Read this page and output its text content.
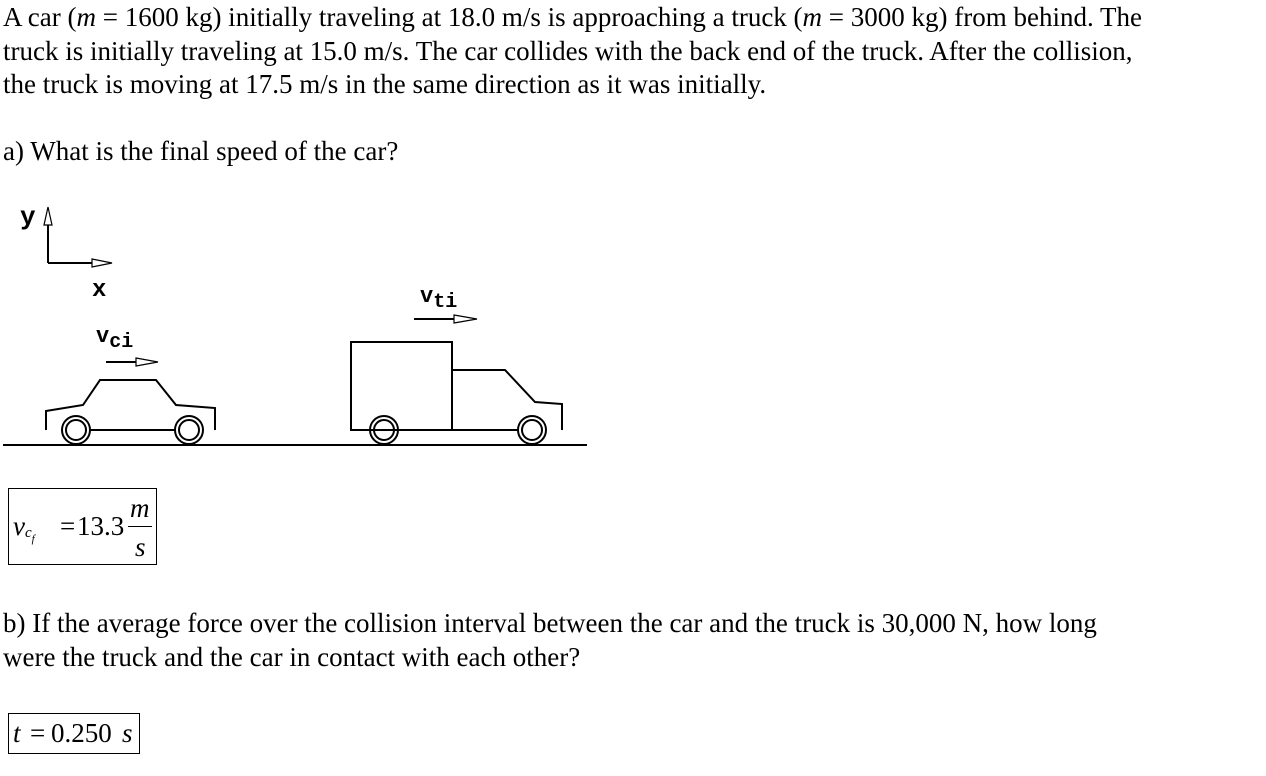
A car (m = 1600 kg) initially traveling at 18.0 m/s is approaching a truck (m = 3000 kg) from behind. The
truck is initially traveling at 15.0 m/s. The car collides with the back end of the truck. After the collision,
the truck is moving at 17.5 m/s in the same direction as it was initially.

a) What is the final speed of the car?

y
x
vci
vti
v $c_f = 13.3$
m
s

b) If the average force over the collision interval between the car and the truck is 30,000 N, how long
were the truck and the car in contact with each other?

t = 0.250 s
